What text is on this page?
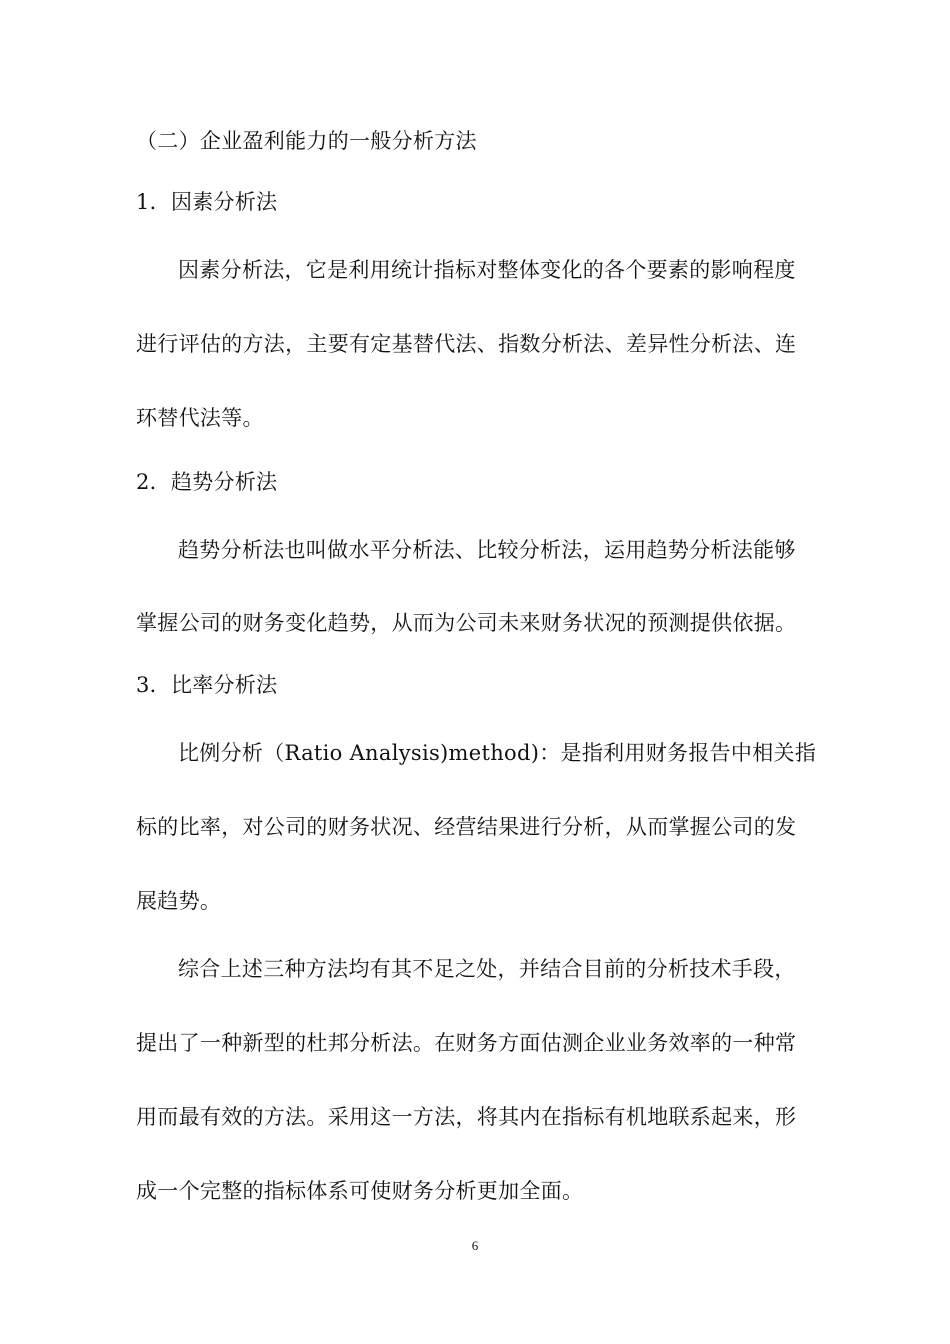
（二）企业盈利能力的一般分析方法
1．因素分析法
因素分析法，它是利用统计指标对整体变化的各个要素的影响程度
进行评估的方法，主要有定基替代法、指数分析法、差异性分析法、连
环替代法等。
2．趋势分析法
趋势分析法也叫做水平分析法、比较分析法，运用趋势分析法能够
掌握公司的财务变化趋势，从而为公司未来财务状况的预测提供依据。
3．比率分析法
比例分析（Ratio Analysis)method)：是指利用财务报告中相关指
标的比率，对公司的财务状况、经营结果进行分析，从而掌握公司的发
展趋势。
综合上述三种方法均有其不足之处，并结合目前的分析技术手段，
提出了一种新型的杜邦分析法。在财务方面估测企业业务效率的一种常
用而最有效的方法。采用这一方法，将其内在指标有机地联系起来，形
成一个完整的指标体系可使财务分析更加全面。
6
